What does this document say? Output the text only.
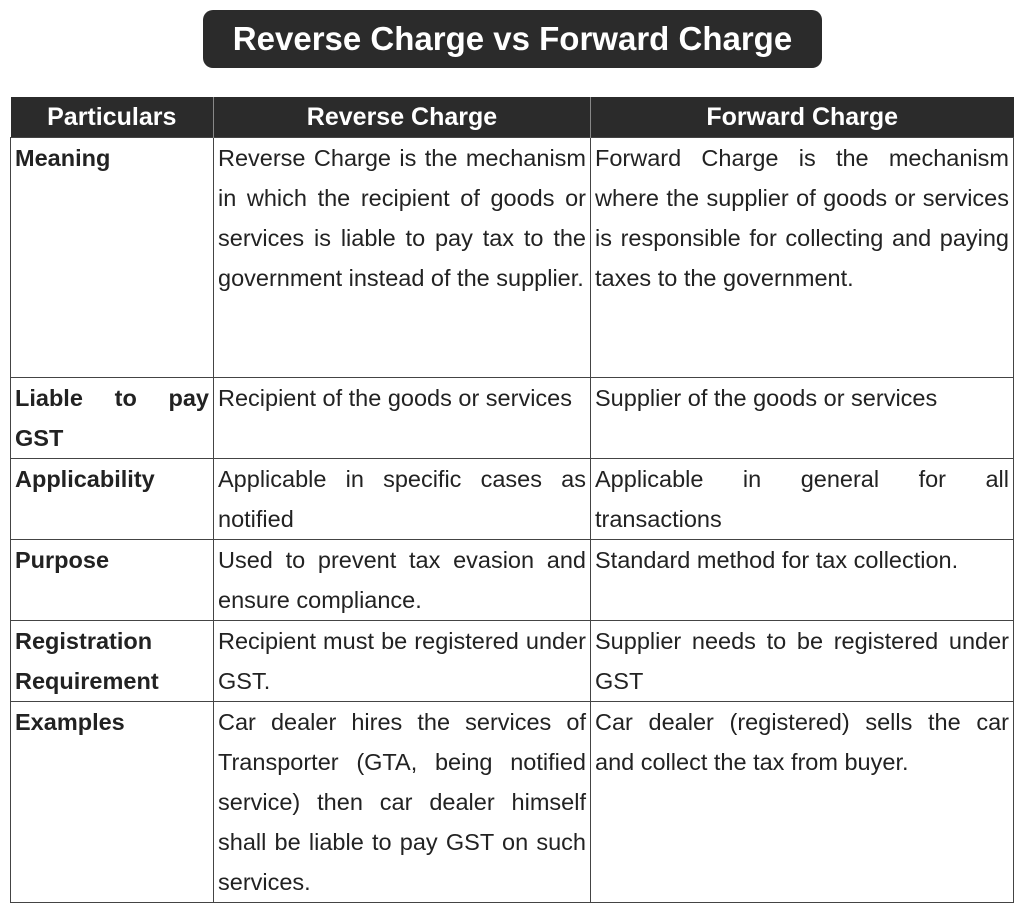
Reverse Charge vs Forward Charge
Particulars	Reverse Charge	Forward Charge
Meaning	Reverse Charge is the mechanism in which the recipient of goods or services is liable to pay tax to the government instead of the supplier.	Forward Charge is the mechanism where the supplier of goods or services is responsible for collecting and paying taxes to the government.
Liable to pay GST	Recipient of the goods or services	Supplier of the goods or services
Applicability	Applicable in specific cases as notified	Applicable in general for all transactions
Purpose	Used to prevent tax evasion and ensure compliance.	Standard method for tax collection.
Registration Requirement	Recipient must be registered under GST.	Supplier needs to be registered under GST
Examples	Car dealer hires the services of Transporter (GTA, being notified service) then car dealer himself shall be liable to pay GST on such services.	Car dealer (registered) sells the car and collect the tax from buyer.
